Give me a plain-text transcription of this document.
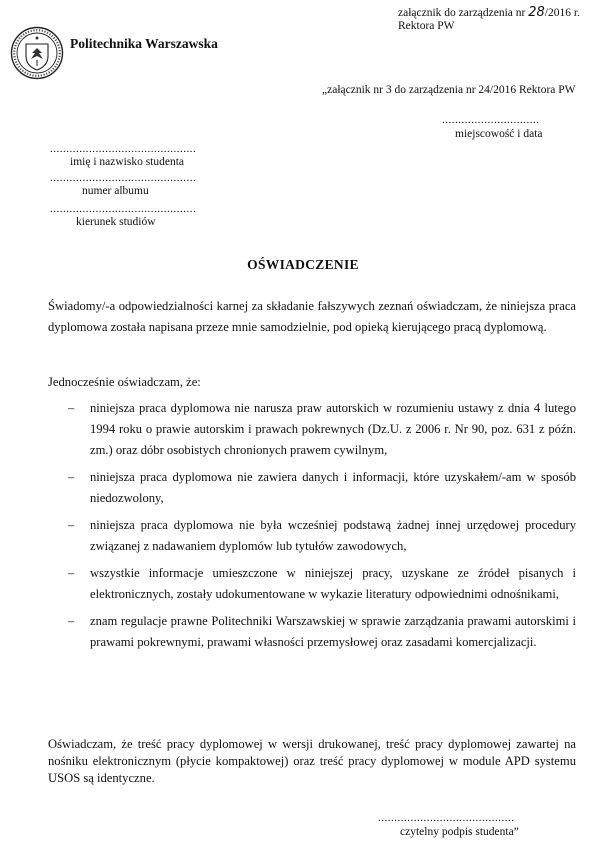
załącznik do zarządzenia nr 28/2016 r.
Rektora PW
Politechnika Warszawska
„załącznik nr 3 do zarządzenia nr 24/2016 Rektora PW
..............................
miejscowość i data
.............................................
imię i nazwisko studenta
.............................................
numer albumu
.............................................
kierunek studiów
OŚWIADCZENIE
Świadomy/-a odpowiedzialności karnej za składanie fałszywych zeznań oświadczam, że niniejsza praca dyplomowa została napisana przeze mnie samodzielnie, pod opieką kierującego pracą dyplomową.
Jednocześnie oświadczam, że:
– niniejsza praca dyplomowa nie narusza praw autorskich w rozumieniu ustawy z dnia 4 lutego 1994 roku o prawie autorskim i prawach pokrewnych (Dz.U. z 2006 r. Nr 90, poz. 631 z późn. zm.) oraz dóbr osobistych chronionych prawem cywilnym,
– niniejsza praca dyplomowa nie zawiera danych i informacji, które uzyskałem/-am w sposób niedozwolony,
– niniejsza praca dyplomowa nie była wcześniej podstawą żadnej innej urzędowej procedury związanej z nadawaniem dyplomów lub tytułów zawodowych,
– wszystkie informacje umieszczone w niniejszej pracy, uzyskane ze źródeł pisanych i elektronicznych, zostały udokumentowane w wykazie literatury odpowiednimi odnośnikami,
– znam regulacje prawne Politechniki Warszawskiej w sprawie zarządzania prawami autorskimi i prawami pokrewnymi, prawami własności przemysłowej oraz zasadami komercjalizacji.
Oświadczam, że treść pracy dyplomowej w wersji drukowanej, treść pracy dyplomowej zawartej na nośniku elektronicznym (płycie kompaktowej) oraz treść pracy dyplomowej w module APD systemu USOS są identyczne.
..........................................
czytelny podpis studenta”
